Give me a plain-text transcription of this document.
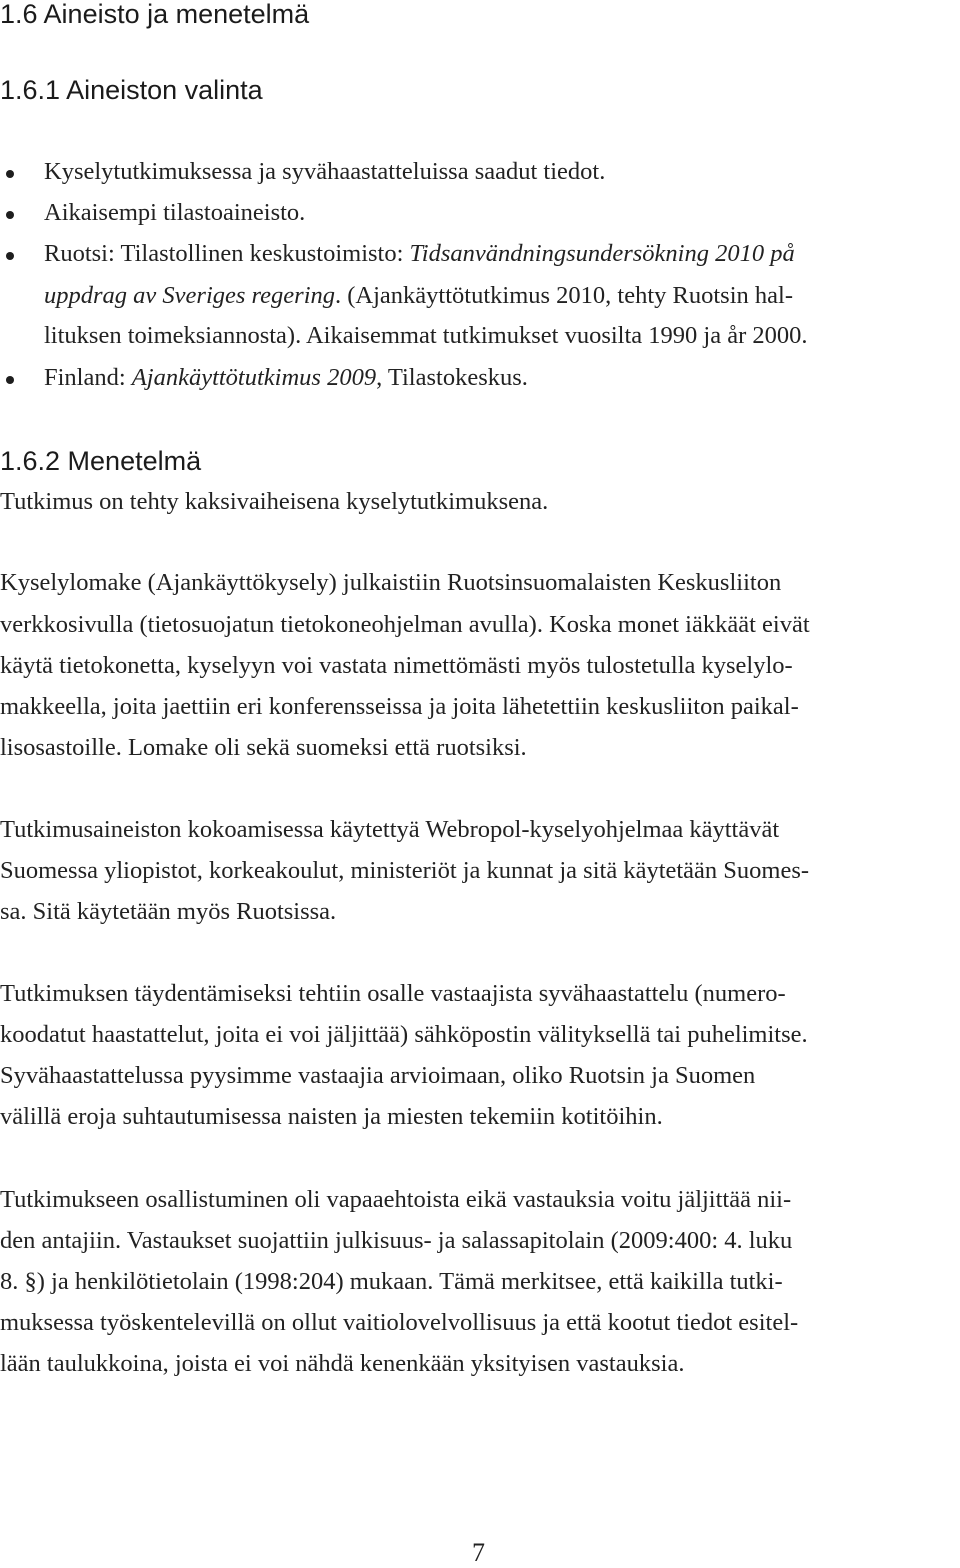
1.6 Aineisto ja menetelmä
1.6.1 Aineiston valinta

Kyselytutkimuksessa ja syvähaastatteluissa saadut tiedot.

Aikaisempi tilastoaineisto.

Ruotsi: Tilastollinen keskustoimisto: Tidsanvändningsundersökning 2010 på

uppdrag av Sveriges regering. (Ajankäyttötutkimus 2010, tehty Ruotsin hal-

lituksen toimeksiannosta). Aikaisemmat tutkimukset vuosilta 1990 ja år 2000.

Finland: Ajankäyttötutkimus 2009, Tilastokeskus.

1.6.2 Menetelmä

Tutkimus on tehty kaksivaiheisena kyselytutkimuksena.

Kyselylomake (Ajankäyttökysely) julkaistiin Ruotsinsuomalaisten Keskusliiton

verkkosivulla (tietosuojatun tietokoneohjelman avulla). Koska monet iäkkäät eivät

käytä tietokonetta, kyselyyn voi vastata nimettömästi myös tulostetulla kyselylo-

makkeella, joita jaettiin eri konferensseissa ja joita lähetettiin keskusliiton paikal-

lisosastoille. Lomake oli sekä suomeksi että ruotsiksi.

Tutkimusaineiston kokoamisessa käytettyä Webropol-kyselyohjelmaa käyttävät

Suomessa yliopistot, korkeakoulut, ministeriöt ja kunnat ja sitä käytetään Suomes-

sa. Sitä käytetään myös Ruotsissa.

Tutkimuksen täydentämiseksi tehtiin osalle vastaajista syvähaastattelu (numero-

koodatut haastattelut, joita ei voi jäljittää) sähköpostin välityksellä tai puhelimitse.

Syvähaastattelussa pyysimme vastaajia arvioimaan, oliko Ruotsin ja Suomen

välillä eroja suhtautumisessa naisten ja miesten tekemiin kotitöihin.

Tutkimukseen osallistuminen oli vapaaehtoista eikä vastauksia voitu jäljittää nii-

den antajiin. Vastaukset suojattiin julkisuus- ja salassapitolain (2009:400: 4. luku

8. §) ja henkilötietolain (1998:204) mukaan. Tämä merkitsee, että kaikilla tutki-

muksessa työskentelevillä on ollut vaitiolovelvollisuus ja että kootut tiedot esitel-

lään taulukkoina, joista ei voi nähdä kenenkään yksityisen vastauksia.

7
